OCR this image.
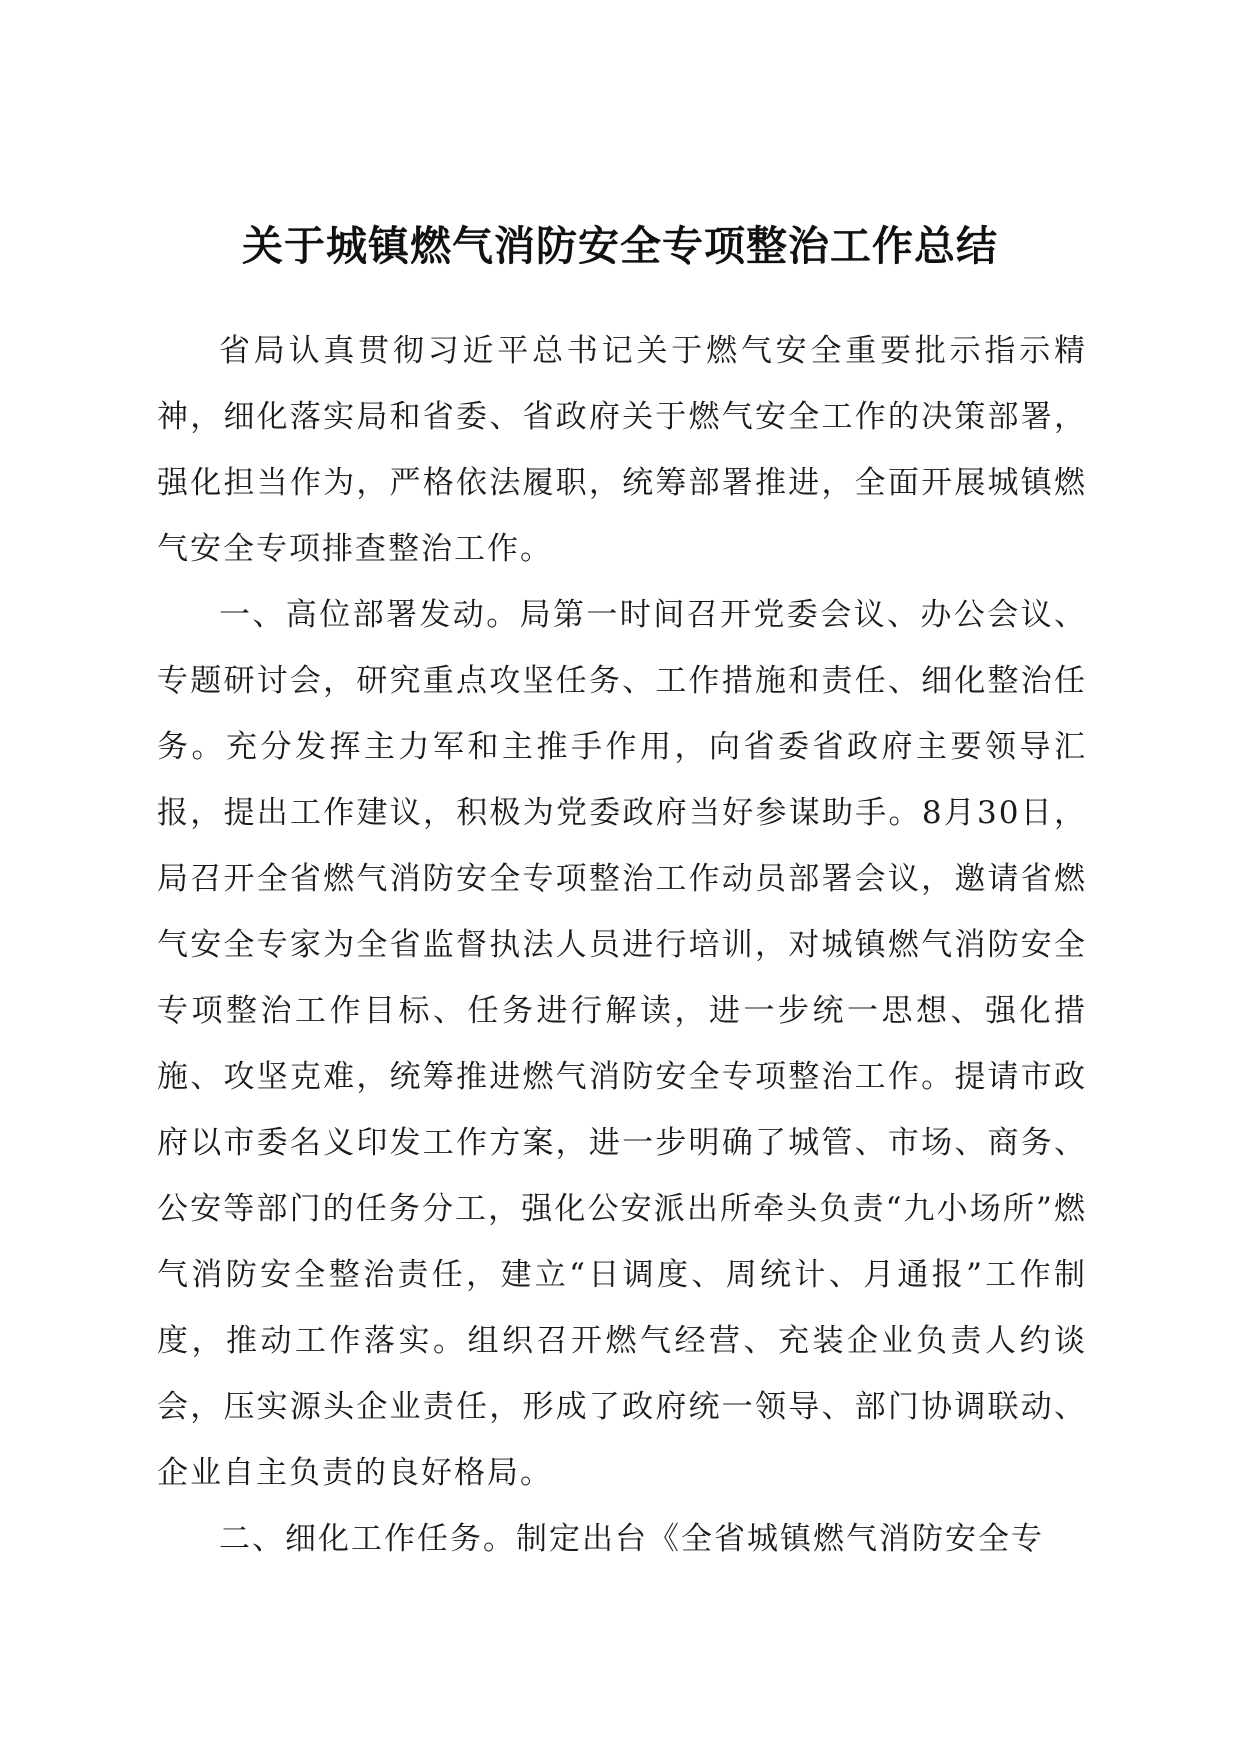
关于城镇燃气消防安全专项整治工作总结

省局认真贯彻习近平总书记关于燃气安全重要批示指示精神，细化落实局和省委、省政府关于燃气安全工作的决策部署，强化担当作为，严格依法履职，统筹部署推进，全面开展城镇燃气安全专项排查整治工作。

一、高位部署发动。局第一时间召开党委会议、办公会议、专题研讨会，研究重点攻坚任务、工作措施和责任、细化整治任务。充分发挥主力军和主推手作用，向省委省政府主要领导汇报，提出工作建议，积极为党委政府当好参谋助手。8月30日，局召开全省燃气消防安全专项整治工作动员部署会议，邀请省燃气安全专家为全省监督执法人员进行培训，对城镇燃气消防安全专项整治工作目标、任务进行解读，进一步统一思想、强化措施、攻坚克难，统筹推进燃气消防安全专项整治工作。提请市政府以市委名义印发工作方案，进一步明确了城管、市场、商务、公安等部门的任务分工，强化公安派出所牵头负责“九小场所”燃气消防安全整治责任，建立“日调度、周统计、月通报”工作制度，推动工作落实。组织召开燃气经营、充装企业负责人约谈会，压实源头企业责任，形成了政府统一领导、部门协调联动、企业自主负责的良好格局。

二、细化工作任务。制定出台《全省城镇燃气消防安全专
